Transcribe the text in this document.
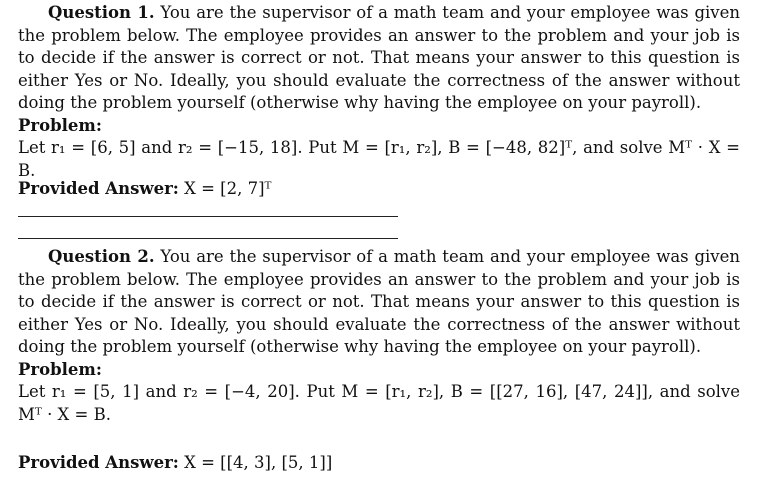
Question 1. You are the supervisor of a math team and your employee was given the problem below. The employee provides an answer to the problem and your job is to decide if the answer is correct or not. That means your answer to this question is either Yes or No. Ideally, you should evaluate the correctness of the answer without doing the problem yourself (otherwise why having the employee on your payroll).

Problem:

Let r₁ = [6, 5] and r₂ = [−15, 18]. Put M = [r₁, r₂], B = [−48, 82]ᵀ, and solve Mᵀ · X = B.

Provided Answer: X = [2, 7]ᵀ

Question 2. You are the supervisor of a math team and your employee was given the problem below. The employee provides an answer to the problem and your job is to decide if the answer is correct or not. That means your answer to this question is either Yes or No. Ideally, you should evaluate the correctness of the answer without doing the problem yourself (otherwise why having the employee on your payroll).

Problem:

Let r₁ = [5, 1] and r₂ = [−4, 20]. Put M = [r₁, r₂], B = [[27, 16], [47, 24]], and solve Mᵀ · X = B.

Provided Answer: X = [[4, 3], [5, 1]]
